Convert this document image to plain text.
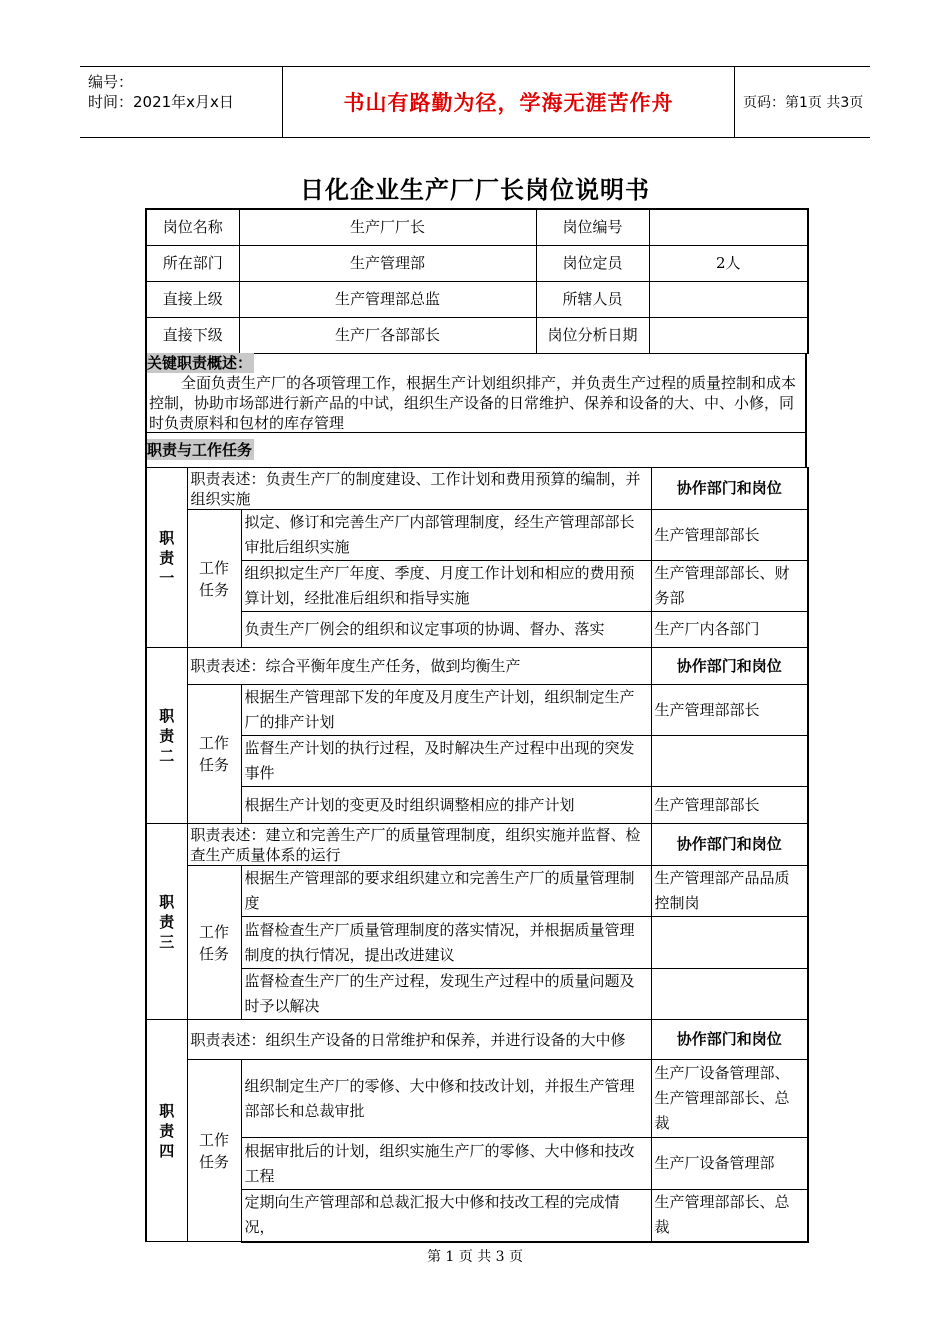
编号：
时间：2021年x月x日	书山有路勤为径，学海无涯苦作舟	页码：第1页 共3页
日化企业生产厂厂长岗位说明书
岗位名称	生产厂厂长	岗位编号	
所在部门	生产管理部	岗位定员	2人
直接上级	生产管理部总监	所辖人员	
直接下级	生产厂各部部长	岗位分析日期	
关键职责概述：
全面负责生产厂的各项管理工作，根据生产计划组织排产，并负责生产过程的质量控制和成本控制，协助市场部进行新产品的中试，组织生产设备的日常维护、保养和设备的大、中、小修，同时负责原料和包材的库存管理
职责与工作任务
职
责
一	职责表述：负责生产厂的制度建设、工作计划和费用预算的编制，并组织实施		协作部门和岗位
	工作
任务	拟定、修订和完善生产厂内部管理制度，经生产管理部部长审批后组织实施	生产管理部部长
		组织拟定生产厂年度、季度、月度工作计划和相应的费用预算计划，经批准后组织和指导实施	生产管理部部长、财务部
		负责生产厂例会的组织和议定事项的协调、督办、落实	生产厂内各部门
职
责
二	职责表述：综合平衡年度生产任务，做到均衡生产		协作部门和岗位
	工作
任务	根据生产管理部下发的年度及月度生产计划，组织制定生产厂的排产计划	生产管理部部长
		监督生产计划的执行过程，及时解决生产过程中出现的突发事件	
		根据生产计划的变更及时组织调整相应的排产计划	生产管理部部长
职
责
三	职责表述：建立和完善生产厂的质量管理制度，组织实施并监督、检查生产质量体系的运行		协作部门和岗位
	工作
任务	根据生产管理部的要求组织建立和完善生产厂的质量管理制度	生产管理部产品品质控制岗
		监督检查生产厂质量管理制度的落实情况，并根据质量管理制度的执行情况，提出改进建议	
		监督检查生产厂的生产过程，发现生产过程中的质量问题及时予以解决	
职
责
四	职责表述：组织生产设备的日常维护和保养，并进行设备的大中修		协作部门和岗位
	工作
任务	组织制定生产厂的零修、大中修和技改计划，并报生产管理部部长和总裁审批	生产厂设备管理部、生产管理部部长、总裁
		根据审批后的计划，组织实施生产厂的零修、大中修和技改工程	生产厂设备管理部
		定期向生产管理部和总裁汇报大中修和技改工程的完成情况，	生产管理部部长、总裁
第 1 页 共 3 页
